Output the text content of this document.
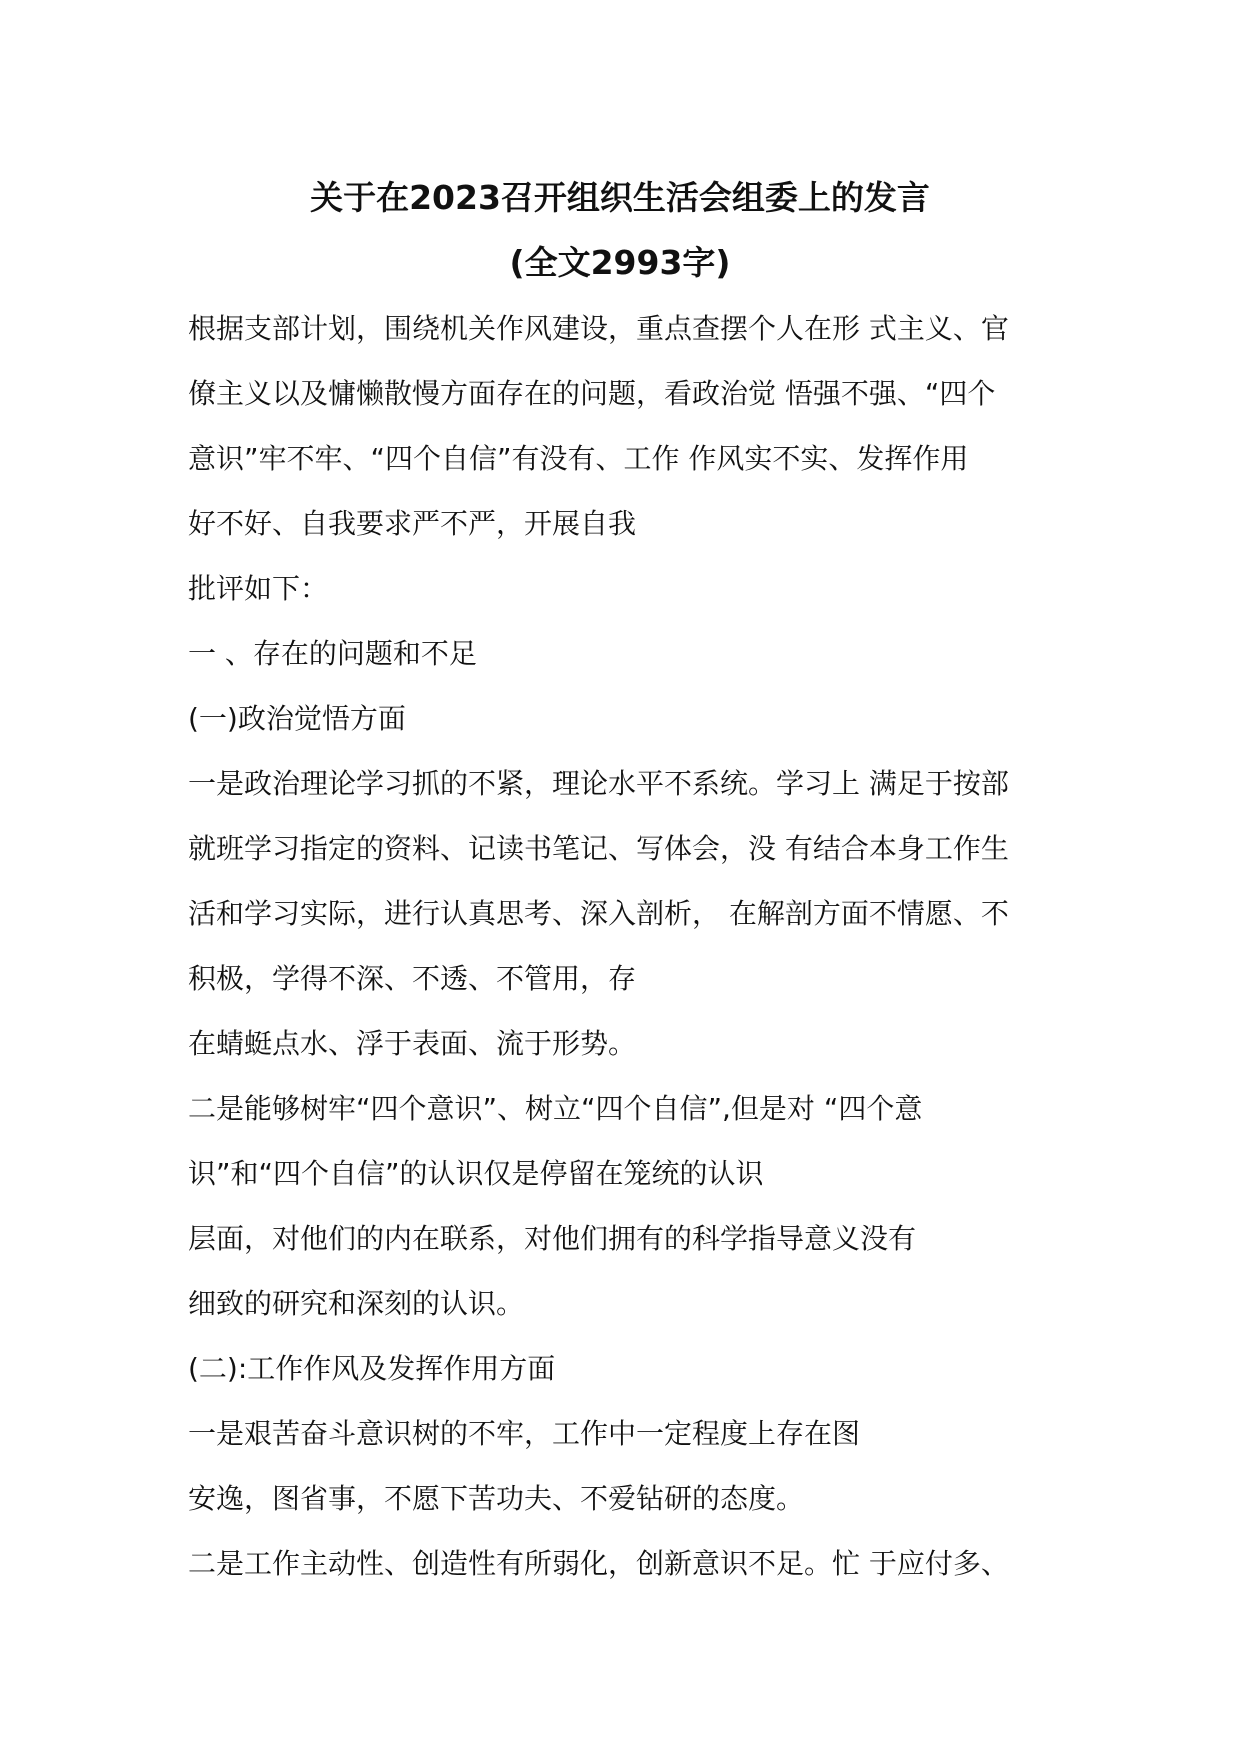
关于在2023召开组织生活会组委上的发言
(全文2993字)
根据支部计划，围绕机关作风建设，重点查摆个人在形 式主义、官
僚主义以及慵懒散慢方面存在的问题，看政治觉 悟强不强、“四个
意识”牢不牢、“四个自信”有没有、工作 作风实不实、发挥作用
好不好、自我要求严不严，开展自我
批评如下：
一 、存在的问题和不足
(一)政治觉悟方面
一是政治理论学习抓的不紧，理论水平不系统。学习上 满足于按部
就班学习指定的资料、记读书笔记、写体会，没 有结合本身工作生
活和学习实际，进行认真思考、深入剖析， 在解剖方面不情愿、不
积极，学得不深、不透、不管用，存
在蜻蜓点水、浮于表面、流于形势。
二是能够树牢“四个意识”、树立“四个自信”,但是对 “四个意
识”和“四个自信”的认识仅是停留在笼统的认识
层面，对他们的内在联系，对他们拥有的科学指导意义没有
细致的研究和深刻的认识。
(二):工作作风及发挥作用方面
一是艰苦奋斗意识树的不牢，工作中一定程度上存在图
安逸，图省事，不愿下苦功夫、不爱钻研的态度。
二是工作主动性、创造性有所弱化，创新意识不足。忙 于应付多、
